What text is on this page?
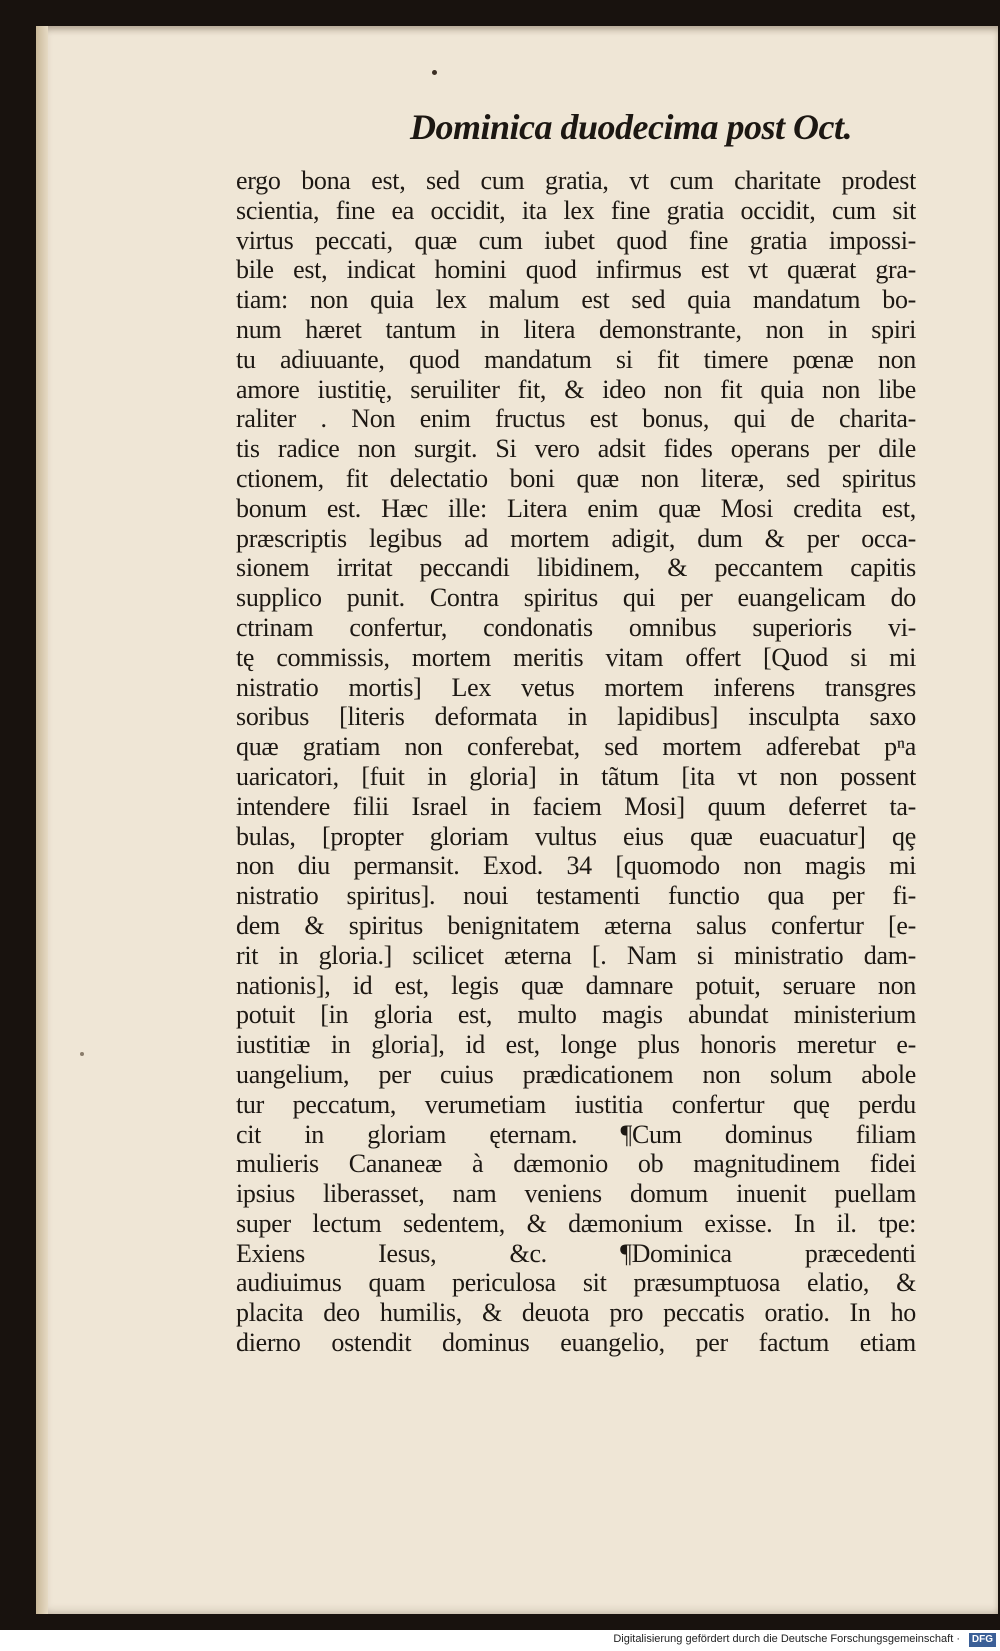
Dominica duodecima post Oct.
ergo bona est, sed cum gratia, vt cum charitate prodest
scientia, fine ea occidit, ita lex fine gratia occidit, cum sit
virtus peccati, quæ cum iubet quod fine gratia impossi-
bile est, indicat homini quod infirmus est vt quærat gra-
tiam: non quia lex malum est sed quia mandatum bo-
num hæret tantum in litera demonstrante, non in spiri
tu adiuuante, quod mandatum si fit timere pœnæ non
amore iustitię, seruiliter fit, & ideo non fit quia non libe
raliter . Non enim fructus est bonus, qui de charita-
tis radice non surgit. Si vero adsit fides operans per dile
ctionem, fit delectatio boni quæ non literæ, sed spiritus
bonum est. Hæc ille: Litera enim quæ Mosi credita est,
præscriptis legibus ad mortem adigit, dum & per occa-
sionem irritat peccandi libidinem, & peccantem capitis
supplico punit. Contra spiritus qui per euangelicam do
ctrinam confertur, condonatis omnibus superioris vi-
tę commissis, mortem meritis vitam offert [Quod si mi
nistratio mortis] Lex vetus mortem inferens transgres
soribus [literis deformata in lapidibus] insculpta saxo
quæ gratiam non conferebat, sed mortem adferebat pⁿa
uaricatori, [fuit in gloria] in tãtum [ita vt non possent
intendere filii Israel in faciem Mosi] quum deferret ta-
bulas, [propter gloriam vultus eius quæ euacuatur] qȩ
non diu permansit. Exod. 34 [quomodo non magis mi
nistratio spiritus]. noui testamenti functio qua per fi-
dem & spiritus benignitatem æterna salus confertur [e-
rit in gloria.] scilicet æterna [. Nam si ministratio dam-
nationis], id est, legis quæ damnare potuit, seruare non
potuit [in gloria est, multo magis abundat ministerium
iustitiæ in gloria], id est, longe plus honoris meretur e-
uangelium, per cuius prædicationem non solum abole
tur peccatum, verumetiam iustitia confertur quę perdu
cit in gloriam ęternam. ¶Cum dominus filiam
mulieris Cananeæ à dæmonio ob magnitudinem fidei
ipsius liberasset, nam veniens domum inuenit puellam
super lectum sedentem, & dæmonium exisse. In il. tpe:
Exiens Iesus, &c. ¶Dominica præcedenti
audiuimus quam periculosa sit præsumptuosa elatio, &
placita deo humilis, & deuota pro peccatis oratio. In ho
dierno ostendit dominus euangelio, per factum etiam
Digitalisierung gefördert durch die Deutsche Forschungsgemeinschaft ·	DFG
